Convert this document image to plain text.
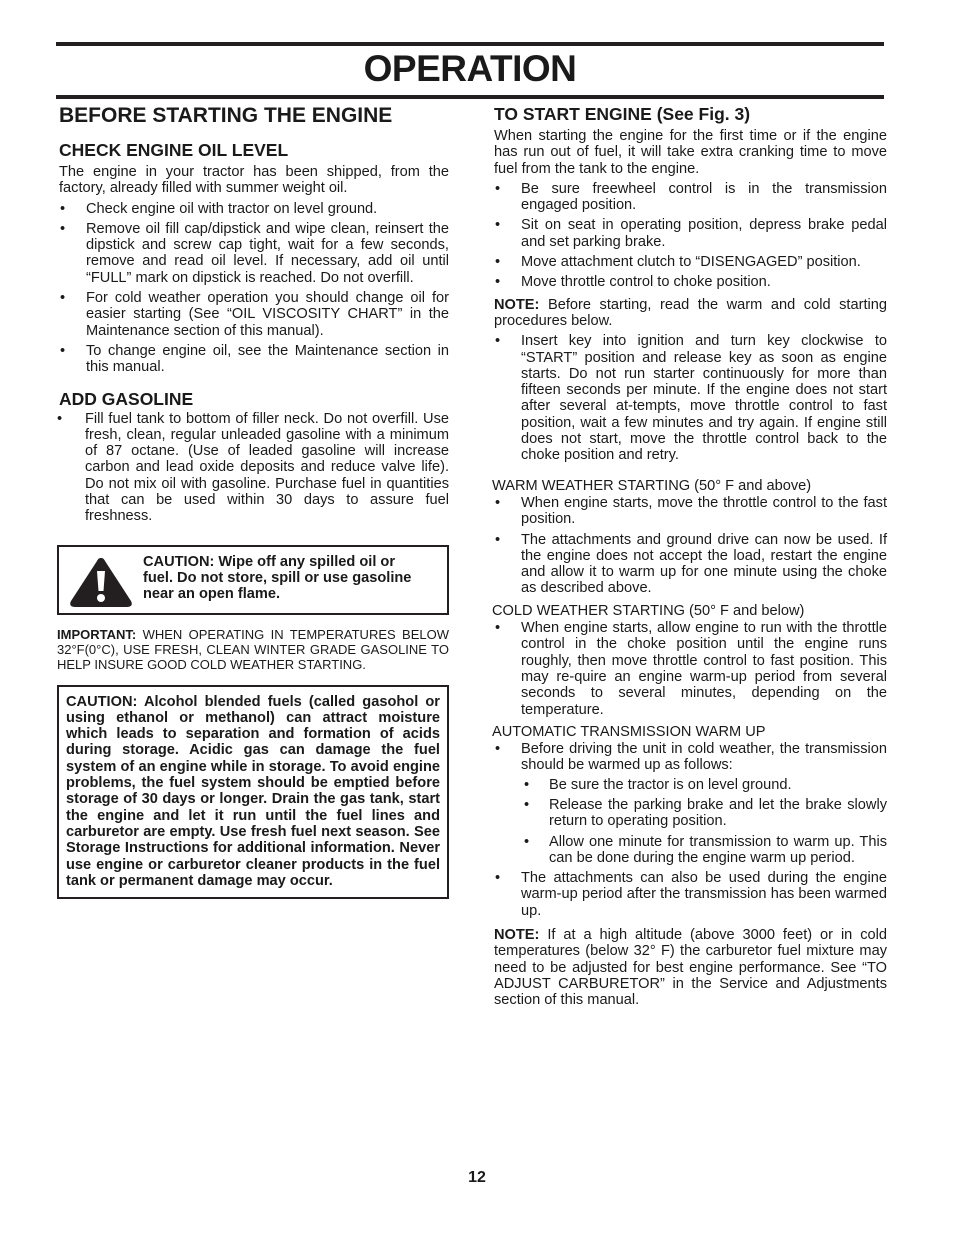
OPERATION
BEFORE STARTING THE ENGINE
CHECK ENGINE OIL LEVEL

The engine in your tractor has been shipped, from the factory, already filled with summer weight oil.

• Check engine oil with tractor on level ground.
• Remove oil fill cap/dipstick and wipe clean, reinsert the dipstick and screw cap tight, wait for a few seconds, remove and read oil level. If necessary, add oil until “FULL” mark on dipstick is reached. Do not overfill.
• For cold weather operation you should change oil for easier starting (See “OIL VISCOSITY CHART” in the Maintenance section of this manual).
• To change engine oil, see the Maintenance section in this manual.
ADD GASOLINE
• Fill fuel tank to bottom of filler neck. Do not overfill. Use fresh, clean, regular unleaded gasoline with a minimum of 87 octane. (Use of leaded gasoline will increase carbon and lead oxide deposits and reduce valve life). Do not mix oil with gasoline. Purchase fuel in quantities that can be used within 30 days to assure fuel freshness.
CAUTION: Wipe off any spilled oil or fuel. Do not store, spill or use gasoline near an open flame.

IMPORTANT: WHEN OPERATING IN TEMPERATURES BELOW 32°F(0°C), USE FRESH, CLEAN WINTER GRADE GASOLINE TO HELP INSURE GOOD COLD WEATHER STARTING.

CAUTION: Alcohol blended fuels (called gasohol or using ethanol or methanol) can attract moisture which leads to separation and formation of acids during storage. Acidic gas can damage the fuel system of an engine while in storage. To avoid engine problems, the fuel system should be emptied before storage of 30 days or longer. Drain the gas tank, start the engine and let it run until the fuel lines and carburetor are empty. Use fresh fuel next season. See Storage Instructions for additional information. Never use engine or carburetor cleaner products in the fuel tank or permanent damage may occur.
TO START ENGINE (See Fig. 3)

When starting the engine for the first time or if the engine has run out of fuel, it will take extra cranking time to move fuel from the tank to the engine.

• Be sure freewheel control is in the transmission engaged position.
• Sit on seat in operating position, depress brake pedal and set parking brake.
• Move attachment clutch to “DISENGAGED” position.
• Move throttle control to choke position.

NOTE: Before starting, read the warm and cold starting procedures below.

• Insert key into ignition and turn key clockwise to “START” position and release key as soon as engine starts. Do not run starter continuously for more than fifteen seconds per minute. If the engine does not start after several at-tempts, move throttle control to fast position, wait a few minutes and try again. If engine still does not start, move the throttle control back to the choke position and retry.

WARM WEATHER STARTING (50° F and above)

• When engine starts, move the throttle control to the fast position.
• The attachments and ground drive can now be used. If the engine does not accept the load, restart the engine and allow it to warm up for one minute using the choke as described above.

COLD WEATHER STARTING (50° F and below)

• When engine starts, allow engine to run with the throttle control in the choke position until the engine runs roughly, then move throttle control to fast position. This may re-quire an engine warm-up period from several seconds to several minutes, depending on the temperature.

AUTOMATIC TRANSMISSION WARM UP

• Before driving the unit in cold weather, the transmission should be warmed up as follows:
• Be sure the tractor is on level ground.
• Release the parking brake and let the brake slowly return to operating position.
• Allow one minute for transmission to warm up. This can be done during the engine warm up period.
• The attachments can also be used during the engine warm-up period after the transmission has been warmed up.

NOTE: If at a high altitude (above 3000 feet) or in cold temperatures (below 32° F) the carburetor fuel mixture may need to be adjusted for best engine performance. See “TO ADJUST CARBURETOR” in the Service and Adjustments section of this manual.

12
